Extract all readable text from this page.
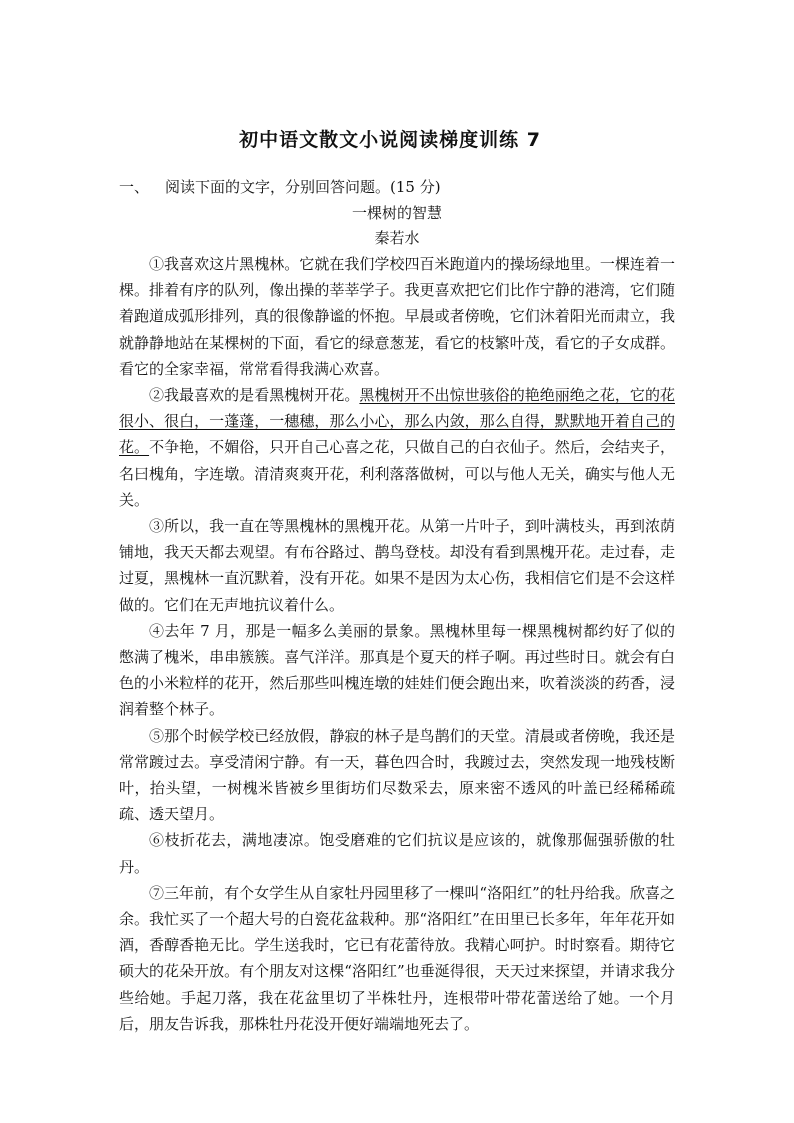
初中语文散文小说阅读梯度训练 7
一、 阅读下面的文字，分别回答问题。(15 分)
一棵树的智慧
秦若水

①我喜欢这片黑槐林。它就在我们学校四百米跑道内的操场绿地里。一棵连着一棵。排着有序的队列，像出操的莘莘学子。我更喜欢把它们比作宁静的港湾，它们随着跑道成弧形排列，真的很像静谧的怀抱。早晨或者傍晚，它们沐着阳光而肃立，我就静静地站在某棵树的下面，看它的绿意葱茏，看它的枝繁叶茂，看它的子女成群。看它的全家幸福，常常看得我满心欢喜。

②我最喜欢的是看黑槐树开花。黑槐树开不出惊世骇俗的艳绝丽绝之花，它的花很小、很白，一蓬蓬，一穗穗，那么小心，那么内敛，那么自得，默默地开着自己的花。不争艳，不媚俗，只开自己心喜之花，只做自己的白衣仙子。然后，会结夹子，名曰槐角，字连墩。清清爽爽开花，利利落落做树，可以与他人无关，确实与他人无关。

③所以，我一直在等黑槐林的黑槐开花。从第一片叶子，到叶满枝头，再到浓荫铺地，我天天都去观望。有布谷路过、鹊鸟登枝。却没有看到黑槐开花。走过春，走过夏，黑槐林一直沉默着，没有开花。如果不是因为太心伤，我相信它们是不会这样做的。它们在无声地抗议着什么。

④去年 7 月，那是一幅多么美丽的景象。黑槐林里每一棵黑槐树都约好了似的憋满了槐米，串串簇簇。喜气洋洋。那真是个夏天的样子啊。再过些时日。就会有白色的小米粒样的花开，然后那些叫槐连墩的娃娃们便会跑出来，吹着淡淡的药香，浸润着整个林子。

⑤那个时候学校已经放假，静寂的林子是鸟鹊们的天堂。清晨或者傍晚，我还是常常踱过去。享受清闲宁静。有一天，暮色四合时，我踱过去，突然发现一地残枝断叶，抬头望，一树槐米皆被乡里街坊们尽数采去，原来密不透风的叶盖已经稀稀疏疏、透天望月。

⑥枝折花去，满地凄凉。饱受磨难的它们抗议是应该的，就像那倔强骄傲的牡丹。

⑦三年前，有个女学生从自家牡丹园里移了一棵叫“洛阳红”的牡丹给我。欣喜之余。我忙买了一个超大号的白瓷花盆栽种。那“洛阳红”在田里已长多年，年年花开如酒，香醇香艳无比。学生送我时，它已有花蕾待放。我精心呵护。时时察看。期待它硕大的花朵开放。有个朋友对这棵“洛阳红”也垂涎得很，天天过来探望，并请求我分些给她。手起刀落，我在花盆里切了半株牡丹，连根带叶带花蕾送给了她。一个月后，朋友告诉我，那株牡丹花没开便好端端地死去了。
